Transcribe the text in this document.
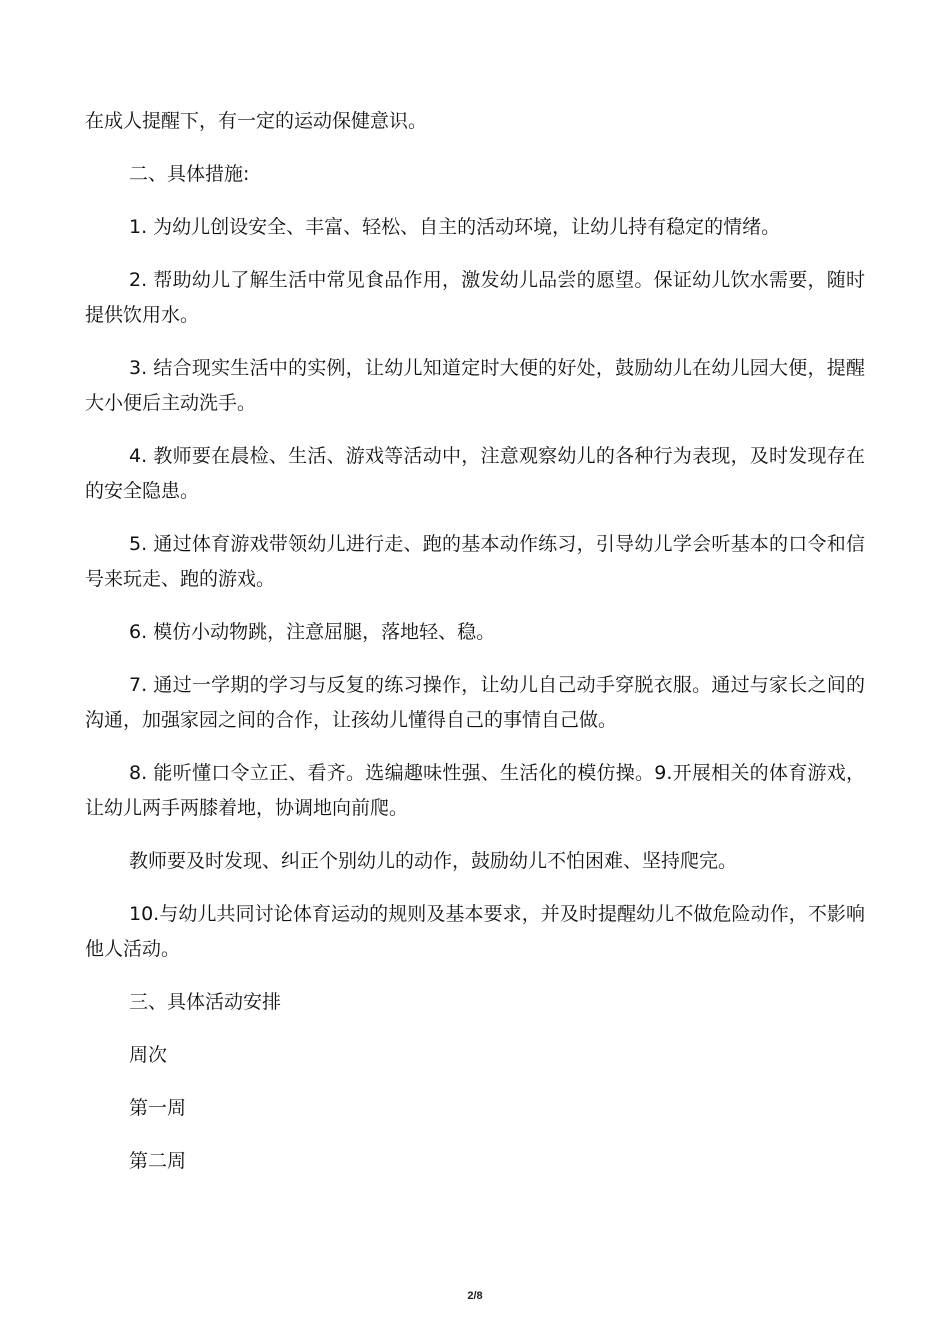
在成人提醒下，有一定的运动保健意识。

二、具体措施:

1. 为幼儿创设安全、丰富、轻松、自主的活动环境，让幼儿持有稳定的情绪。

2. 帮助幼儿了解生活中常见食品作用，激发幼儿品尝的愿望。保证幼儿饮水需要，随时提供饮用水。

3. 结合现实生活中的实例，让幼儿知道定时大便的好处，鼓励幼儿在幼儿园大便，提醒大小便后主动洗手。

4. 教师要在晨检、生活、游戏等活动中，注意观察幼儿的各种行为表现，及时发现存在的安全隐患。

5. 通过体育游戏带领幼儿进行走、跑的基本动作练习，引导幼儿学会听基本的口令和信号来玩走、跑的游戏。

6. 模仿小动物跳，注意屈腿，落地轻、稳。

7. 通过一学期的学习与反复的练习操作，让幼儿自己动手穿脱衣服。通过与家长之间的沟通，加强家园之间的合作，让孩幼儿懂得自己的事情自己做。

8. 能听懂口令立正、看齐。选编趣味性强、生活化的模仿操。9.开展相关的体育游戏，让幼儿两手两膝着地，协调地向前爬。

教师要及时发现、纠正个别幼儿的动作，鼓励幼儿不怕困难、坚持爬完。

10.与幼儿共同讨论体育运动的规则及基本要求，并及时提醒幼儿不做危险动作，不影响他人活动。

三、具体活动安排

周次

第一周

第二周

2/8
